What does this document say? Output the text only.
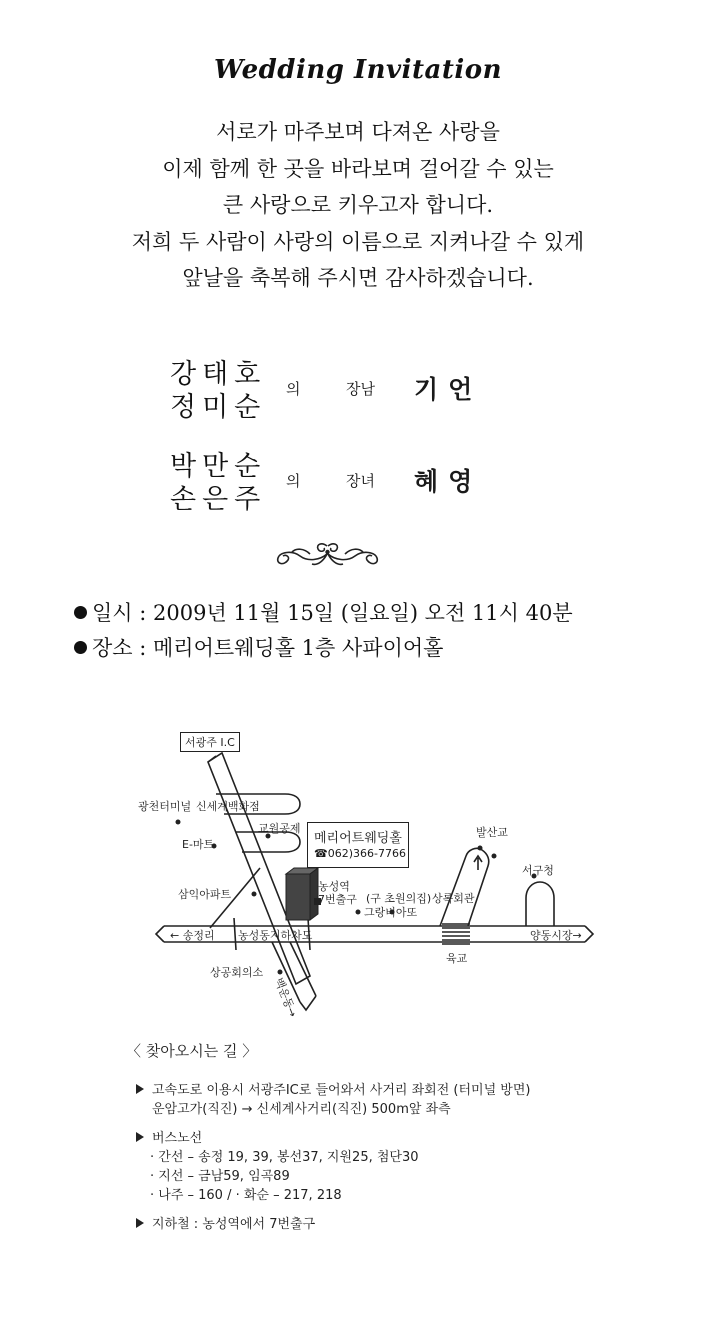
Wedding Invitation
서로가 마주보며 다져온 사랑을
이제 함께 한 곳을 바라보며 걸어갈 수 있는
큰 사랑으로 키우고자 합니다.
저희 두 사람이 사랑의 이름으로 지켜나갈 수 있게
앞날을 축복해 주시면 감사하겠습니다.
강태호
정미순
의	장남 기언
박만순
손은주
의	장녀 혜영
일시 : 2009년 11월 15일 (일요일) 오전 11시 40분
장소 : 메리어트웨딩홀 1층 사파이어홀
서광주 I.C
광천터미널 신세계백화점
E-마트
교원공제
삼익아파트
← 송정리 농성동지하차도
상공회의소
백운동→
농성역
7번출구 (구 초원의집)
그랑비아또
상록회관
발산교
서구청
양동시장→
육교
메리어트웨딩홀
☎062)366-7766
〈 찾아오시는 길 〉
고속도로 이용시 서광주IC로 들어와서 사거리 좌회전 (터미널 방면)
운암고가(직진) → 신세계사거리(직진) 500m앞 좌측
버스노선
· 간선 – 송정 19, 39, 봉선37, 지원25, 첨단30
· 지선 – 금남59, 임곡89
· 나주 – 160 / · 화순 – 217, 218
지하철 : 농성역에서 7번출구
